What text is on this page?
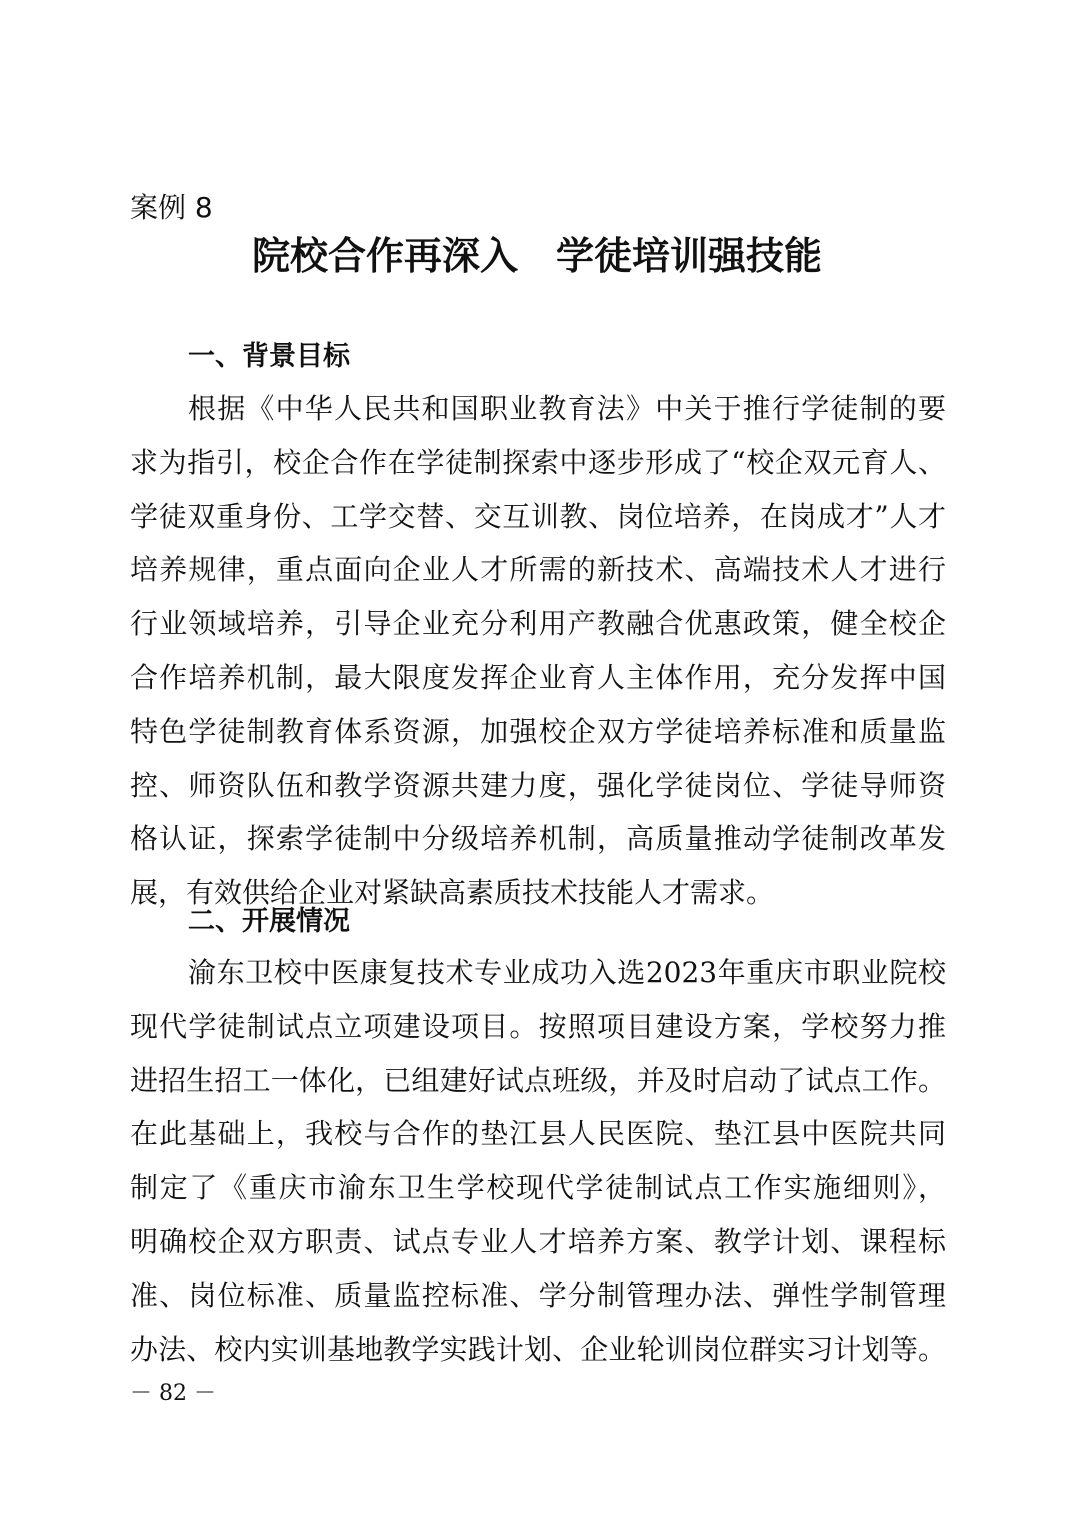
案例 8

院校合作再深入　学徒培训强技能
一、背景目标
根据《中华人民共和国职业教育法》中关于推行学徒制的要
求为指引，校企合作在学徒制探索中逐步形成了“校企双元育人、
学徒双重身份、工学交替、交互训教、岗位培养，在岗成才”人才
培养规律，重点面向企业人才所需的新技术、高端技术人才进行
行业领域培养，引导企业充分利用产教融合优惠政策，健全校企
合作培养机制，最大限度发挥企业育人主体作用，充分发挥中国
特色学徒制教育体系资源，加强校企双方学徒培养标准和质量监
控、师资队伍和教学资源共建力度，强化学徒岗位、学徒导师资
格认证，探索学徒制中分级培养机制，高质量推动学徒制改革发
展，有效供给企业对紧缺高素质技术技能人才需求。
二、开展情况
渝东卫校中医康复技术专业成功入选2023年重庆市职业院校
现代学徒制试点立项建设项目。按照项目建设方案，学校努力推
进招生招工一体化，已组建好试点班级，并及时启动了试点工作。
在此基础上，我校与合作的垫江县人民医院、垫江县中医院共同
制定了《重庆市渝东卫生学校现代学徒制试点工作实施细则》，
明确校企双方职责、试点专业人才培养方案、教学计划、课程标
准、岗位标准、质量监控标准、学分制管理办法、弹性学制管理
办法、校内实训基地教学实践计划、企业轮训岗位群实习计划等。

－ 82 －
